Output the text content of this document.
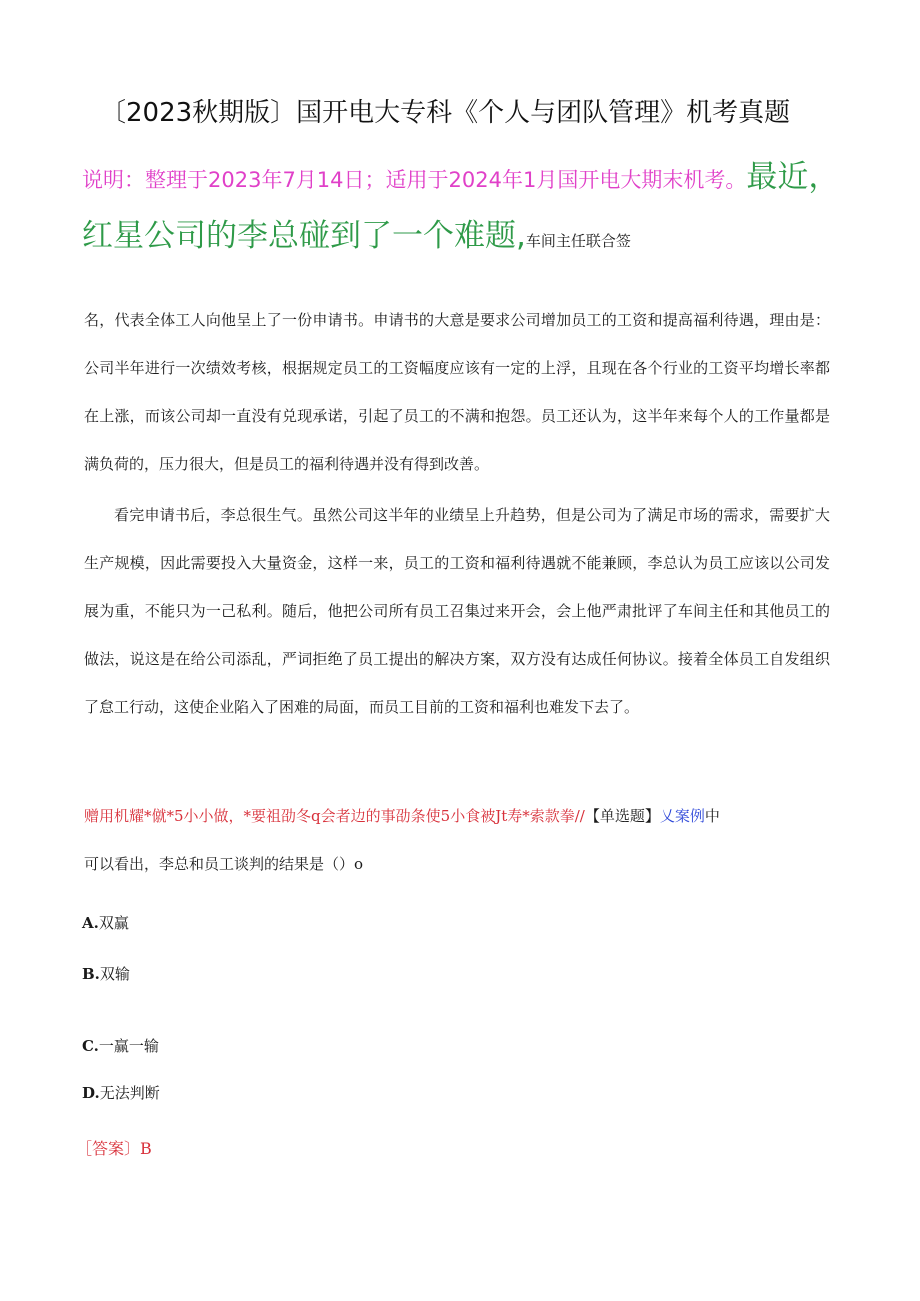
〔2023秋期版〕国开电大专科《个人与团队管理》机考真题
说明：整理于2023年7月14日；适用于2024年1月国开电大期末机考。最近，红星公司的李总碰到了一个难题,车间主任联合签
名，代表全体工人向他呈上了一份申请书。申请书的大意是要求公司增加员工的工资和提高福利待遇，理由是：公司半年进行一次绩效考核，根据规定员工的工资幅度应该有一定的上浮，且现在各个行业的工资平均增长率都在上涨，而该公司却一直没有兑现承诺，引起了员工的不满和抱怨。员工还认为，这半年来每个人的工作量都是满负荷的，压力很大，但是员工的福利待遇并没有得到改善。
看完申请书后，李总很生气。虽然公司这半年的业绩呈上升趋势，但是公司为了满足市场的需求，需要扩大生产规模，因此需要投入大量资金，这样一来，员工的工资和福利待遇就不能兼顾，李总认为员工应该以公司发展为重，不能只为一己私利。随后，他把公司所有员工召集过来开会，会上他严肃批评了车间主任和其他员工的做法，说这是在给公司添乱，严词拒绝了员工提出的解决方案，双方没有达成任何协议。接着全体员工自发组织了怠工行动，这使企业陷入了困难的局面，而员工目前的工资和福利也难发下去了。
赠用机耀*僦*5小小做，*要祖劭冬q会者边的事劭条使5小食被Jt寿*索款拳//【单选题】乂案例中
可以看出，李总和员工谈判的结果是（）o
A.双赢
B.双输
C.一赢一输
D.无法判断
［答案〕B
